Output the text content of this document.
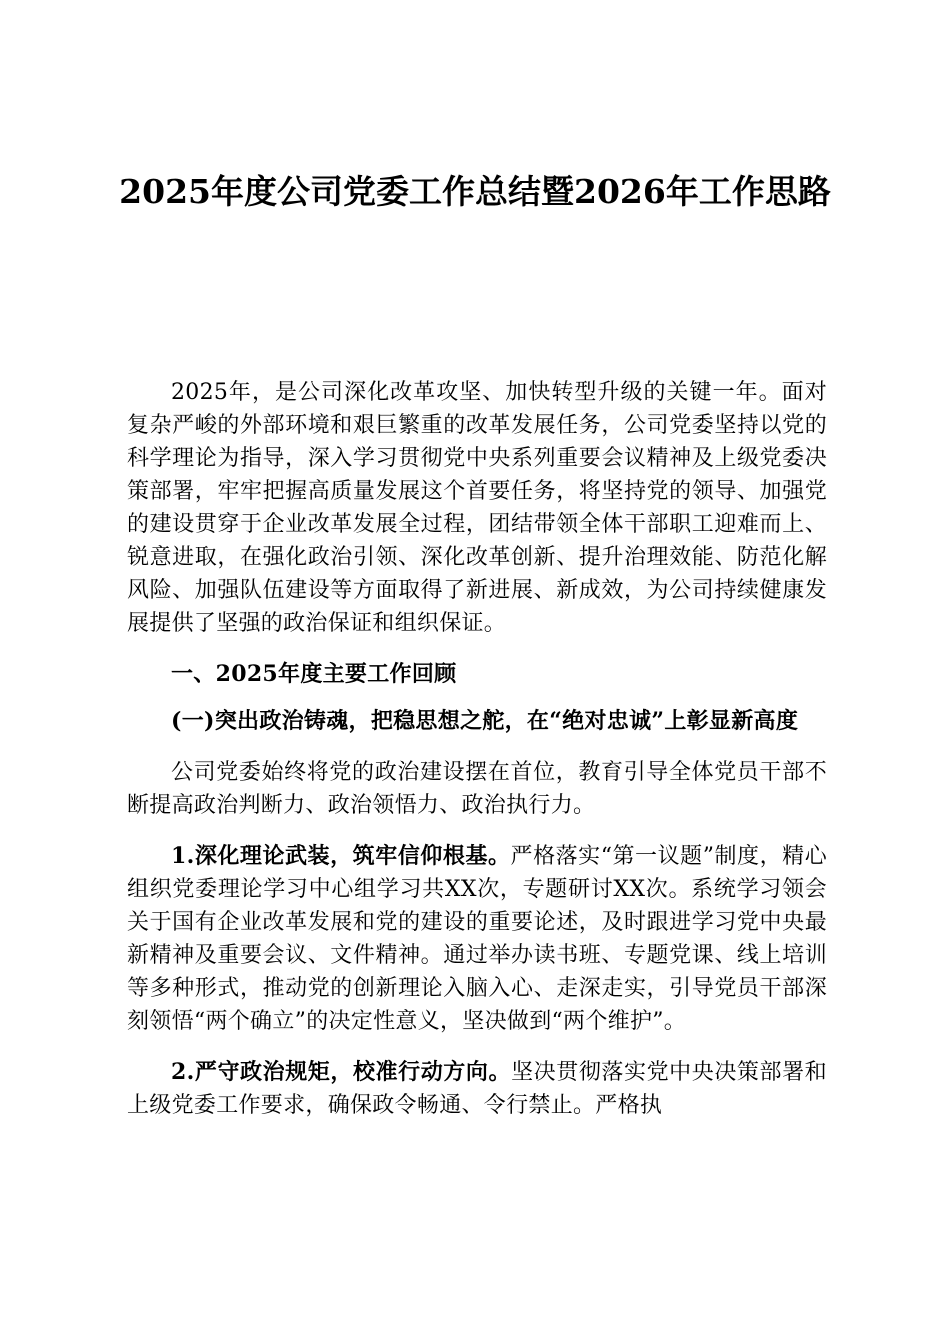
2025年度公司党委工作总结暨2026年工作思路

2025年，是公司深化改革攻坚、加快转型升级的关键一年。面对复杂严峻的外部环境和艰巨繁重的改革发展任务，公司党委坚持以党的科学理论为指导，深入学习贯彻党中央系列重要会议精神及上级党委决策部署，牢牢把握高质量发展这个首要任务，将坚持党的领导、加强党的建设贯穿于企业改革发展全过程，团结带领全体干部职工迎难而上、锐意进取，在强化政治引领、深化改革创新、提升治理效能、防范化解风险、加强队伍建设等方面取得了新进展、新成效，为公司持续健康发展提供了坚强的政治保证和组织保证。

一、2025年度主要工作回顾

(一)突出政治铸魂，把稳思想之舵，在“绝对忠诚”上彰显新高度

公司党委始终将党的政治建设摆在首位，教育引导全体党员干部不断提高政治判断力、政治领悟力、政治执行力。

1.深化理论武装，筑牢信仰根基。严格落实“第一议题”制度，精心组织党委理论学习中心组学习共XX次，专题研讨XX次。系统学习领会关于国有企业改革发展和党的建设的重要论述，及时跟进学习党中央最新精神及重要会议、文件精神。通过举办读书班、专题党课、线上培训等多种形式，推动党的创新理论入脑入心、走深走实，引导党员干部深刻领悟“两个确立”的决定性意义，坚决做到“两个维护”。

2.严守政治规矩，校准行动方向。坚决贯彻落实党中央决策部署和上级党委工作要求，确保政令畅通、令行禁止。严格执
